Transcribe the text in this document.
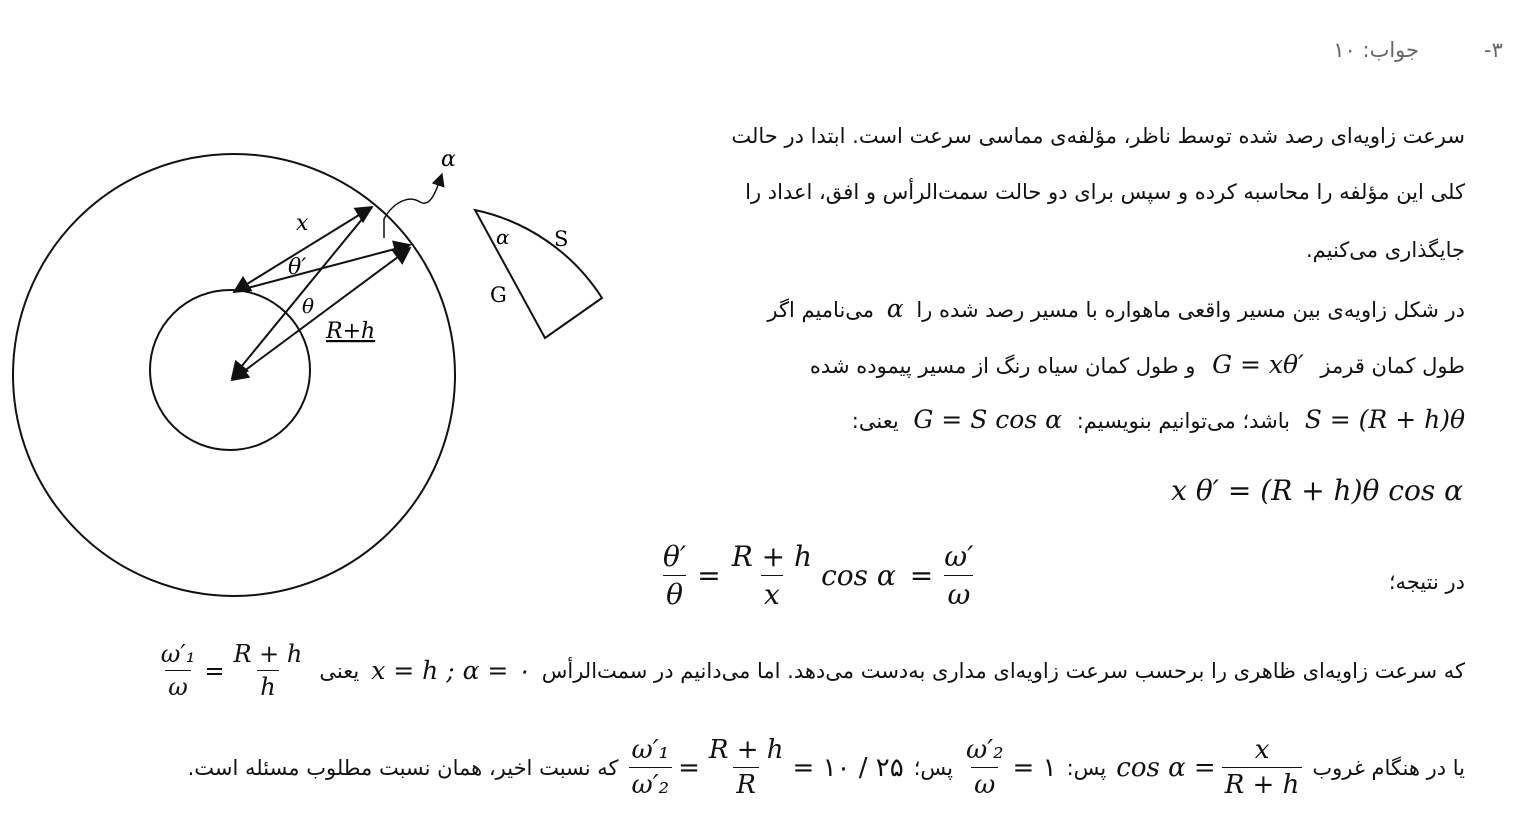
-۳
جواب: ۱۰
α
x
θ′
θ
R+h
α S
G
سرعت زاویه‌ای رصد شده توسط ناظر، مؤلفه‌ی مماسی سرعت است. ابتدا در حالت
کلی این مؤلفه را محاسبه کرده و سپس برای دو حالت سمت‌الرأس و افق، اعداد را
جایگذاری می‌کنیم.
در شکل زاویه‌ی بین مسیر واقعی ماهواره با مسیر رصد شده را α می‌نامیم اگر
طول کمان قرمز G = xθ′ و طول کمان سیاه رنگ از مسیر پیموده شده
S = (R + h)θ باشد؛ می‌توانیم بنویسیم: G = S cos α یعنی:
x θ′ = (R + h)θ cos α
$\frac{\theta'}{\theta} = \frac{R + h}{x}$ $\cos \alpha = \frac{\omega'}{\omega}$	در نتیجه؛
که سرعت زاویه‌ای ظاهری را برحسب سرعت زاویه‌ای مداری به‌دست می‌دهد. اما می‌دانیم در سمت‌الرأس
x = h ; α = ۰
یعنی
$\frac{\text{ω′₁}}{\omega} = \frac{R + h}{h}$
یا در هنگام غروب
$\cos \alpha = \frac{x}{R + h}$
پس:
$\frac{\text{ω′₂}}{\omega}$ = ۱
پس؛
$\frac{\text{ω′₁}}{\text{ω′₂}} = \frac{R + h}{R}$ = ۱۰ / ۲۵
که نسبت اخیر، همان نسبت مطلوب مسئله است.
